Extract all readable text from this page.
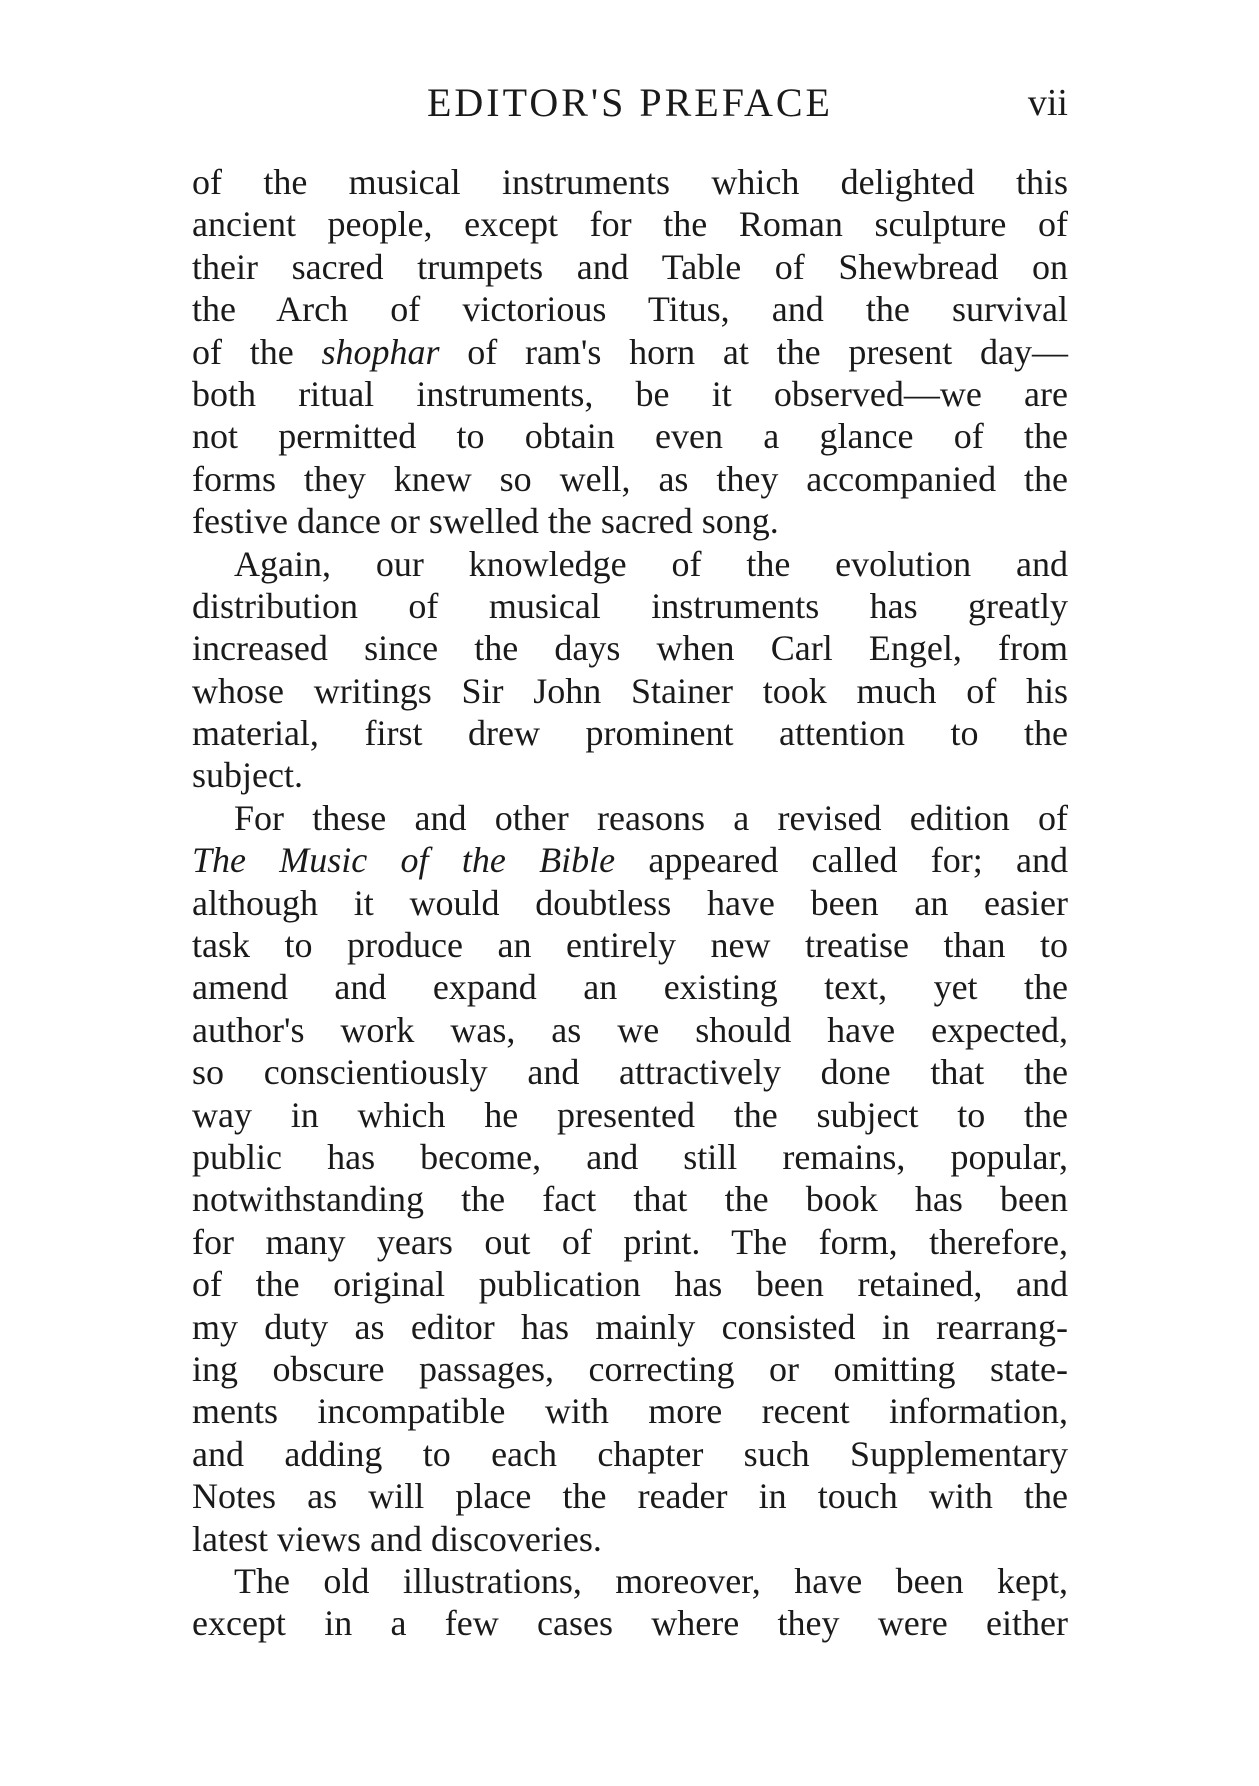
EDITOR'S PREFACE	vii
of the musical instruments which delighted this
ancient people, except for the Roman sculpture of
their sacred trumpets and Table of Shewbread on
the Arch of victorious Titus, and the survival
of the shophar of ram's horn at the present day—
both ritual instruments, be it observed—we are
not permitted to obtain even a glance of the
forms they knew so well, as they accompanied the
festive dance or swelled the sacred song.
Again, our knowledge of the evolution and
distribution of musical instruments has greatly
increased since the days when Carl Engel, from
whose writings Sir John Stainer took much of his
material, first drew prominent attention to the
subject.
For these and other reasons a revised edition of
The Music of the Bible appeared called for; and
although it would doubtless have been an easier
task to produce an entirely new treatise than to
amend and expand an existing text, yet the
author's work was, as we should have expected,
so conscientiously and attractively done that the
way in which he presented the subject to the
public has become, and still remains, popular,
notwithstanding the fact that the book has been
for many years out of print. The form, therefore,
of the original publication has been retained, and
my duty as editor has mainly consisted in rearrang-
ing obscure passages, correcting or omitting state-
ments incompatible with more recent information,
and adding to each chapter such Supplementary
Notes as will place the reader in touch with the
latest views and discoveries.
The old illustrations, moreover, have been kept,
except in a few cases where they were either
